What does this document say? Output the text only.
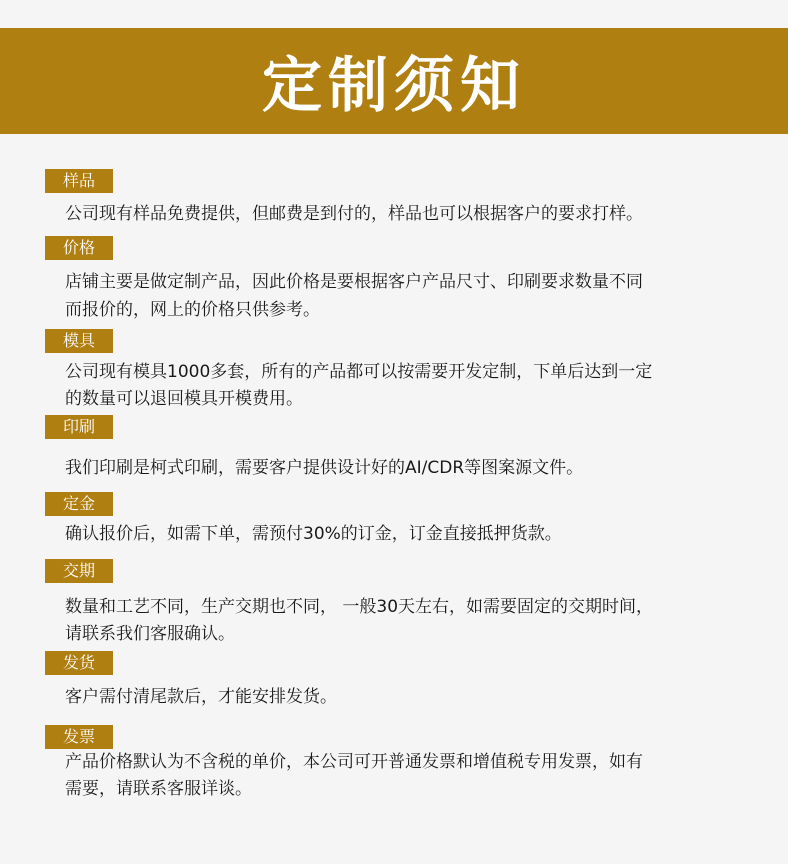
定制须知
样品
公司现有样品免费提供，但邮费是到付的，样品也可以根据客户的要求打样。
价格
店铺主要是做定制产品，因此价格是要根据客户产品尺寸、印刷要求数量不同
而报价的，网上的价格只供参考。
模具
公司现有模具1000多套，所有的产品都可以按需要开发定制，下单后达到一定
的数量可以退回模具开模费用。
印刷
我们印刷是柯式印刷，需要客户提供设计好的AI/CDR等图案源文件。
定金
确认报价后，如需下单，需预付30%的订金，订金直接抵押货款。
交期
数量和工艺不同，生产交期也不同， 一般30天左右，如需要固定的交期时间，
请联系我们客服确认。
发货
客户需付清尾款后，才能安排发货。
发票
产品价格默认为不含税的单价，本公司可开普通发票和增值税专用发票，如有
需要，请联系客服详谈。
